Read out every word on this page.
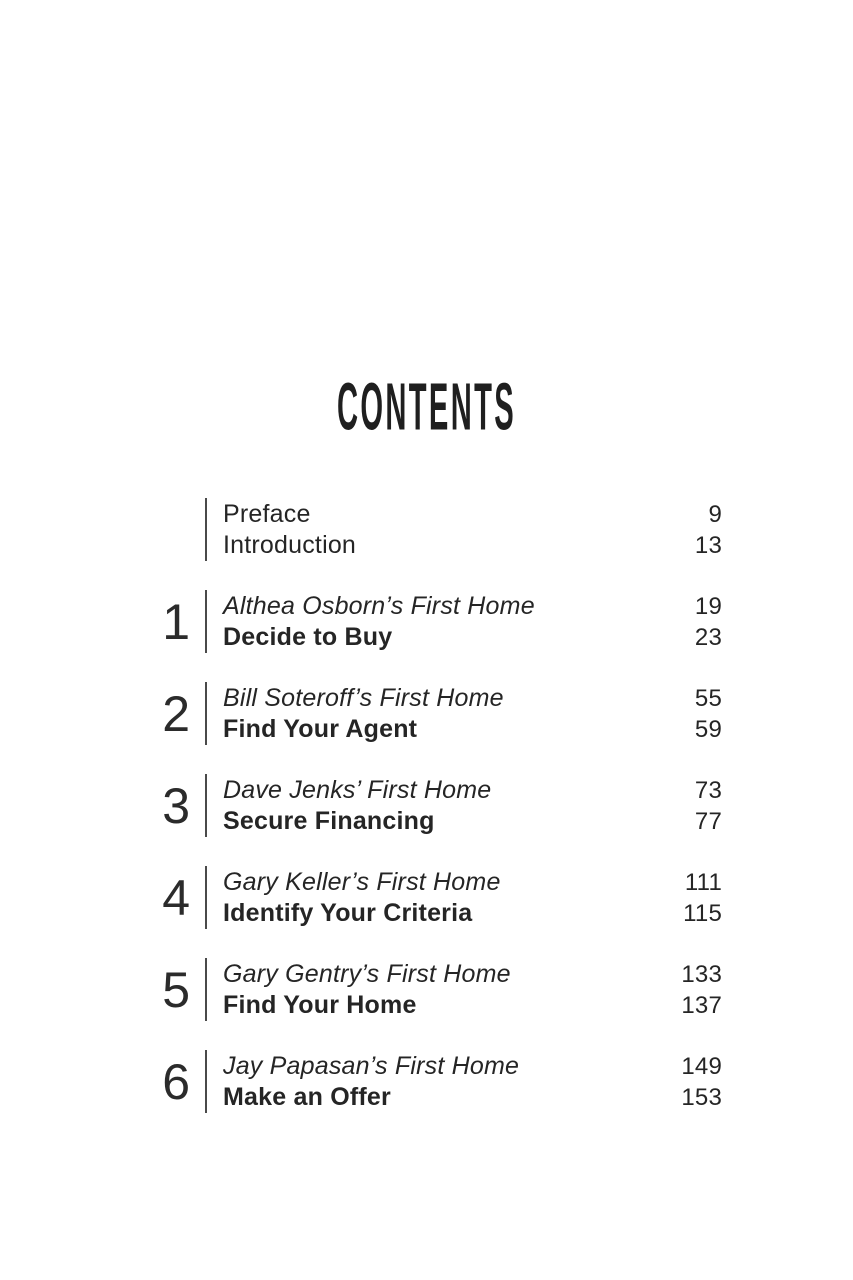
CONTENTS
Preface	9
Introduction	13
1	Althea Osborn’s First Home	19
Decide to Buy	23
2	Bill Soteroff’s First Home	55
Find Your Agent	59
3	Dave Jenks’ First Home	73
Secure Financing	77
4	Gary Keller’s First Home	111
Identify Your Criteria	115
5	Gary Gentry’s First Home	133
Find Your Home	137
6	Jay Papasan’s First Home	149
Make an Offer	153
